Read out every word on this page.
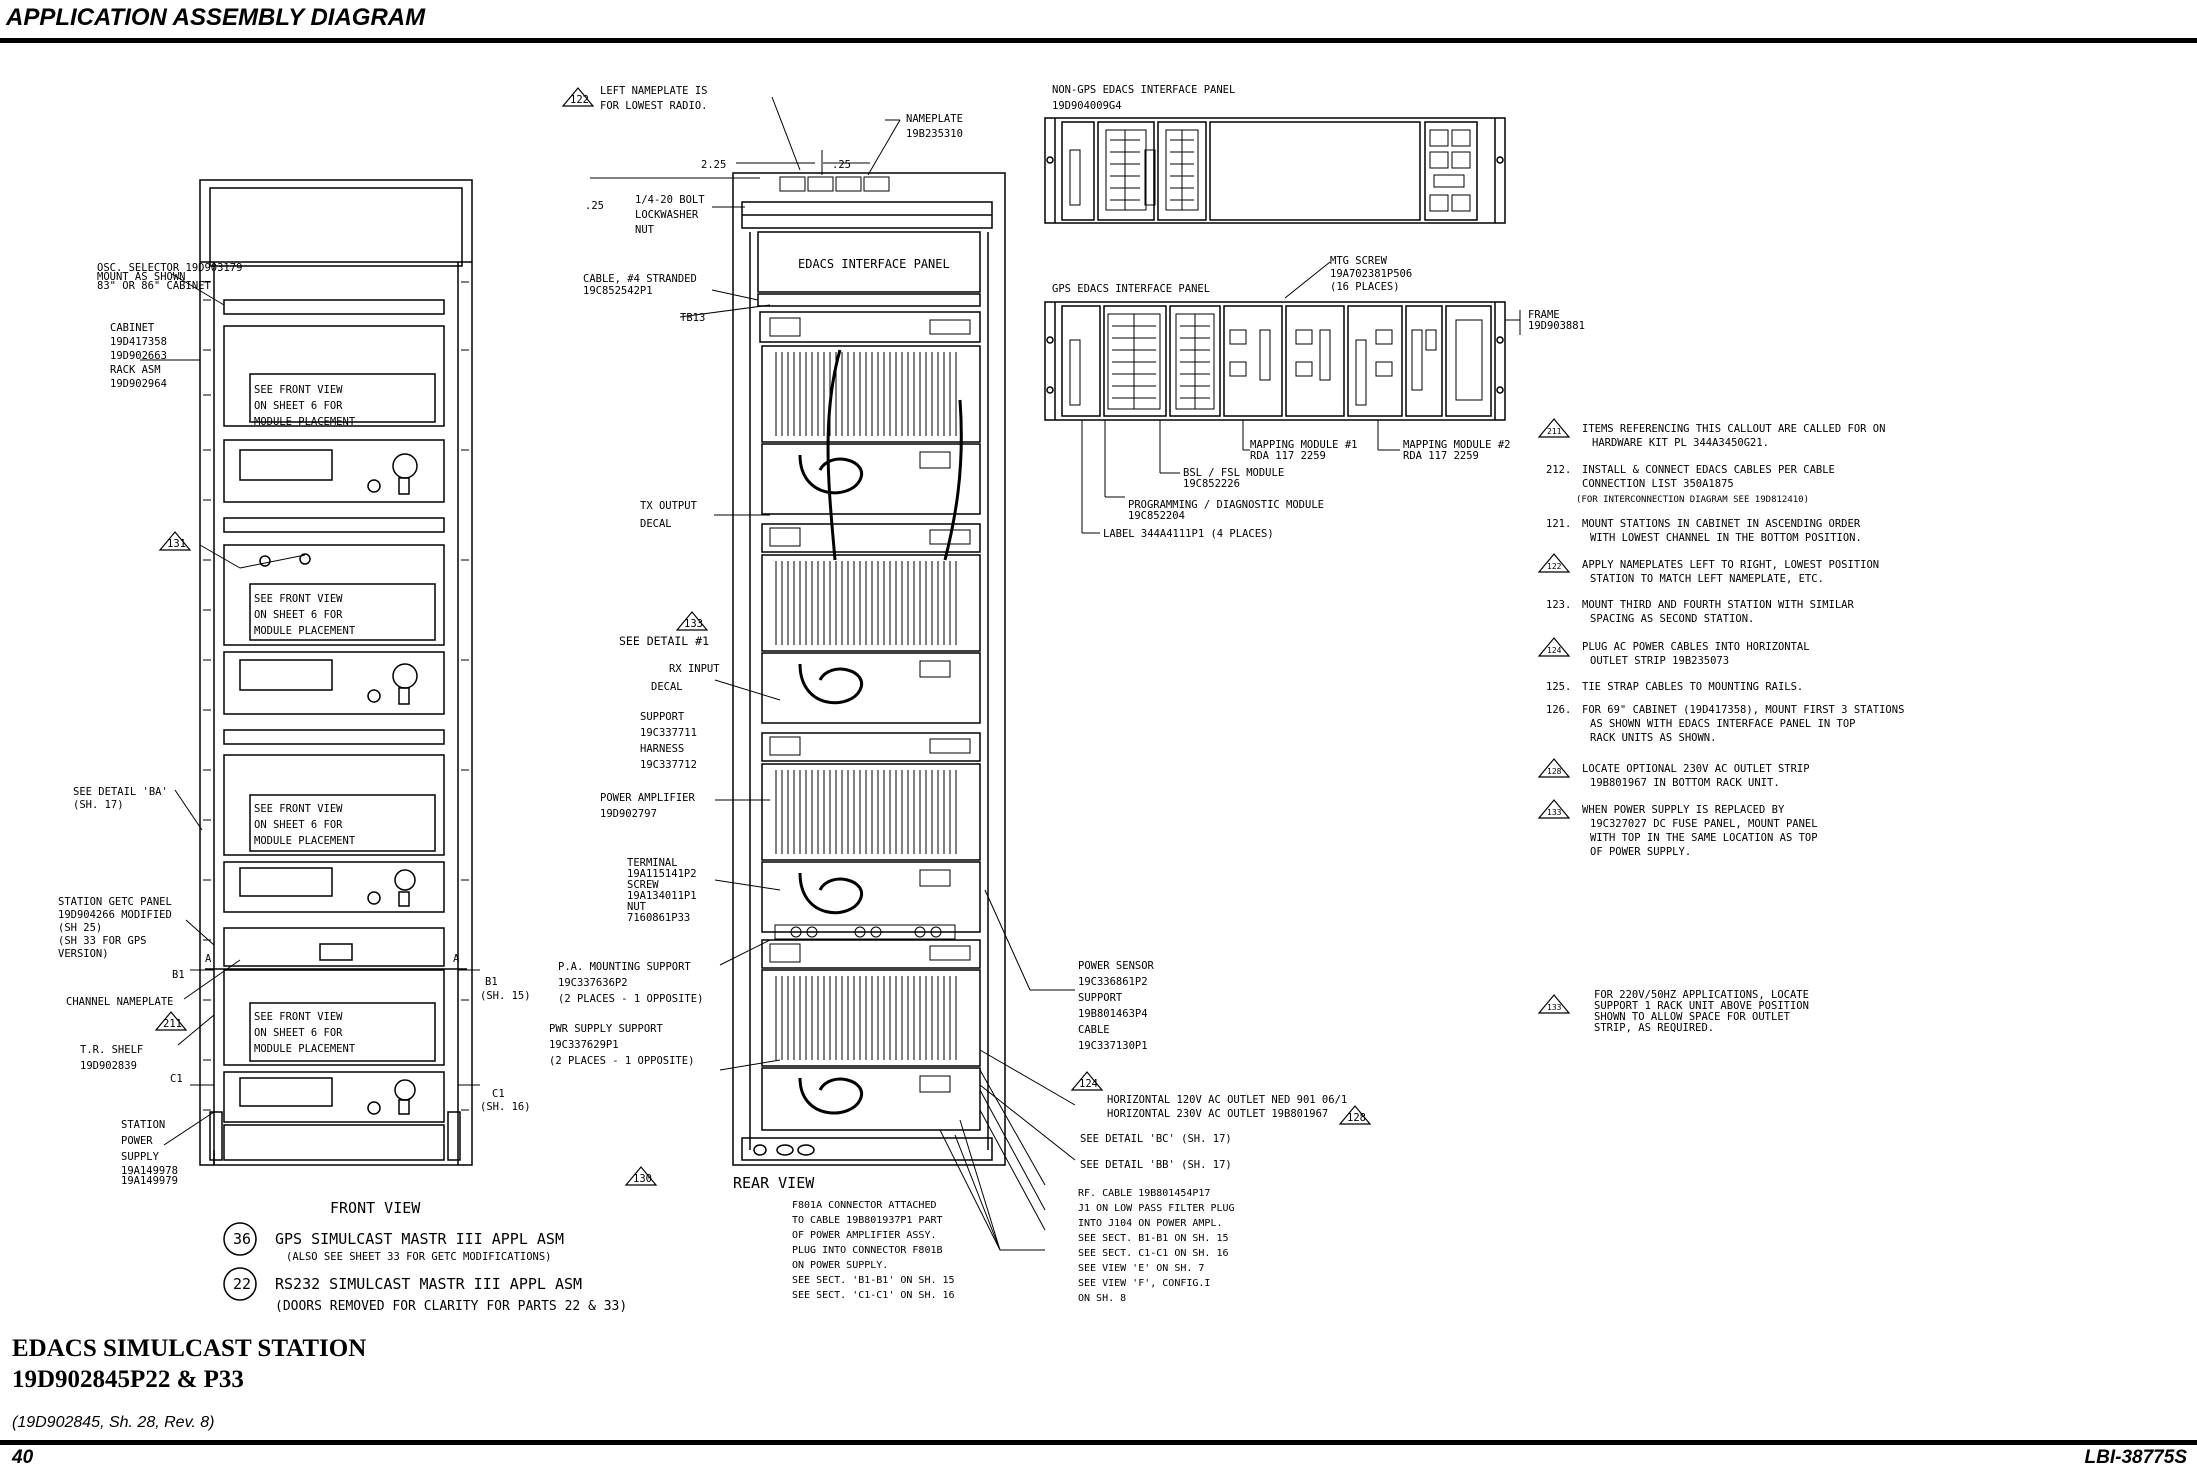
APPLICATION ASSEMBLY DIAGRAM
OSC. SELECTOR 19D903179 MOUNT AS SHOWN 83" OR 86" CABINET
CABINET 19D417358 19D902663 RACK ASM 19D902964	SEE FRONT VIEW ON SHEET 6 FOR MODULE PLACEMENT
SEE FRONT VIEW ON SHEET 6 FOR MODULE PLACEMENT
SEE FRONT VIEW ON SHEET 6 FOR MODULE PLACEMENT
SEE FRONT VIEW ON SHEET 6 FOR MODULE PLACEMENT
SEE DETAIL 'BA' (SH. 17)
STATION GETC PANEL 19D904266 MODIFIED (SH 25) (SH 33 FOR GPS VERSION)
CHANNEL NAMEPLATE
T.R. SHELF 19D902839
STATION POWER SUPPLY 19A149978 19A149979
B1
B1 (SH. 15)
C1
C1 (SH. 16)
A	A
FRONT VIEW
36 GPS SIMULCAST MASTR III APPL ASM
(ALSO SEE SHEET 33 FOR GETC MODIFICATIONS)
22 RS232 SIMULCAST MASTR III APPL ASM
(DOORS REMOVED FOR CLARITY FOR PARTS 22 & 33)
LEFT NAMEPLATE IS FOR LOWEST RADIO.
NAMEPLATE 19B235310
2.25	.25
.25	1/4-20 BOLT LOCKWASHER NUT
CABLE, #4 STRANDED 19C852542P1
TB13
EDACS INTERFACE PANEL
TX OUTPUT DECAL
SEE DETAIL #1
RX INPUT DECAL
SUPPORT 19C337711 HARNESS 19C337712
POWER AMPLIFIER 19D902797
TERMINAL 19A115141P2 SCREW 19A134011P1 NUT 7160861P33
P.A. MOUNTING SUPPORT 19C337636P2 (2 PLACES - 1 OPPOSITE)
PWR SUPPLY SUPPORT 19C337629P1 (2 PLACES - 1 OPPOSITE)
REAR VIEW
POWER SENSOR 19C336861P2 SUPPORT 19B801463P4 CABLE 19C337130P1
HORIZONTAL 120V AC OUTLET NED 901 06/1 HORIZONTAL 230V AC OUTLET 19B801967
SEE DETAIL 'BC' (SH. 17)
SEE DETAIL 'BB' (SH. 17)
F801A CONNECTOR ATTACHED TO CABLE 19B801937P1 PART OF POWER AMPLIFIER ASSY. PLUG INTO CONNECTOR F801B ON POWER SUPPLY. SEE SECT. 'B1-B1' ON SH. 15 SEE SECT. 'C1-C1' ON SH. 16
RF. CABLE 19B801454P17 J1 ON LOW PASS FILTER PLUG INTO J104 ON POWER AMPL. SEE SECT. B1-B1 ON SH. 15 SEE SECT. C1-C1 ON SH. 16 SEE VIEW 'E' ON SH. 7 SEE VIEW 'F', CONFIG.I ON SH. 8
NON-GPS EDACS INTERFACE PANEL 19D904009G4
GPS EDACS INTERFACE PANEL
MTG SCREW 19A702381P506 (16 PLACES)
FRAME 19D903881
MAPPING MODULE #1 RDA 117 2259
MAPPING MODULE #2 RDA 117 2259
BSL / FSL MODULE 19C852226
PROGRAMMING / DIAGNOSTIC MODULE 19C852204
LABEL 344A4111P1 (4 PLACES)
122
133
131
211
130
124
128
211 ITEMS REFERENCING THIS CALLOUT ARE CALLED FOR ON HARDWARE KIT PL 344A3450G21.
212.	INSTALL & CONNECT EDACS CABLES PER CABLE CONNECTION LIST 350A1875 (FOR INTERCONNECTION DIAGRAM SEE 19D812410)
121. MOUNT STATIONS IN CABINET IN ASCENDING ORDER WITH LOWEST CHANNEL IN THE BOTTOM POSITION.
122 APPLY NAMEPLATES LEFT TO RIGHT, LOWEST POSITION STATION TO MATCH LEFT NAMEPLATE, ETC.
123. MOUNT THIRD AND FOURTH STATION WITH SIMILAR SPACING AS SECOND STATION.
124 PLUG AC POWER CABLES INTO HORIZONTAL OUTLET STRIP 19B235073
125. TIE STRAP CABLES TO MOUNTING RAILS.
126. FOR 69" CABINET (19D417358), MOUNT FIRST 3 STATIONS AS SHOWN WITH EDACS INTERFACE PANEL IN TOP RACK UNITS AS SHOWN.
128 LOCATE OPTIONAL 230V AC OUTLET STRIP 19B801967 IN BOTTOM RACK UNIT.
133 WHEN POWER SUPPLY IS REPLACED BY 19C327027 DC FUSE PANEL, MOUNT PANEL WITH TOP IN THE SAME LOCATION AS TOP OF POWER SUPPLY.
133
FOR 220V/50HZ APPLICATIONS, LOCATE SUPPORT 1 RACK UNIT ABOVE POSITION SHOWN TO ALLOW SPACE FOR OUTLET STRIP, AS REQUIRED.
EDACS SIMULCAST STATION
19D902845P22 & P33
(19D902845, Sh. 28, Rev. 8)
40	LBI-38775S
